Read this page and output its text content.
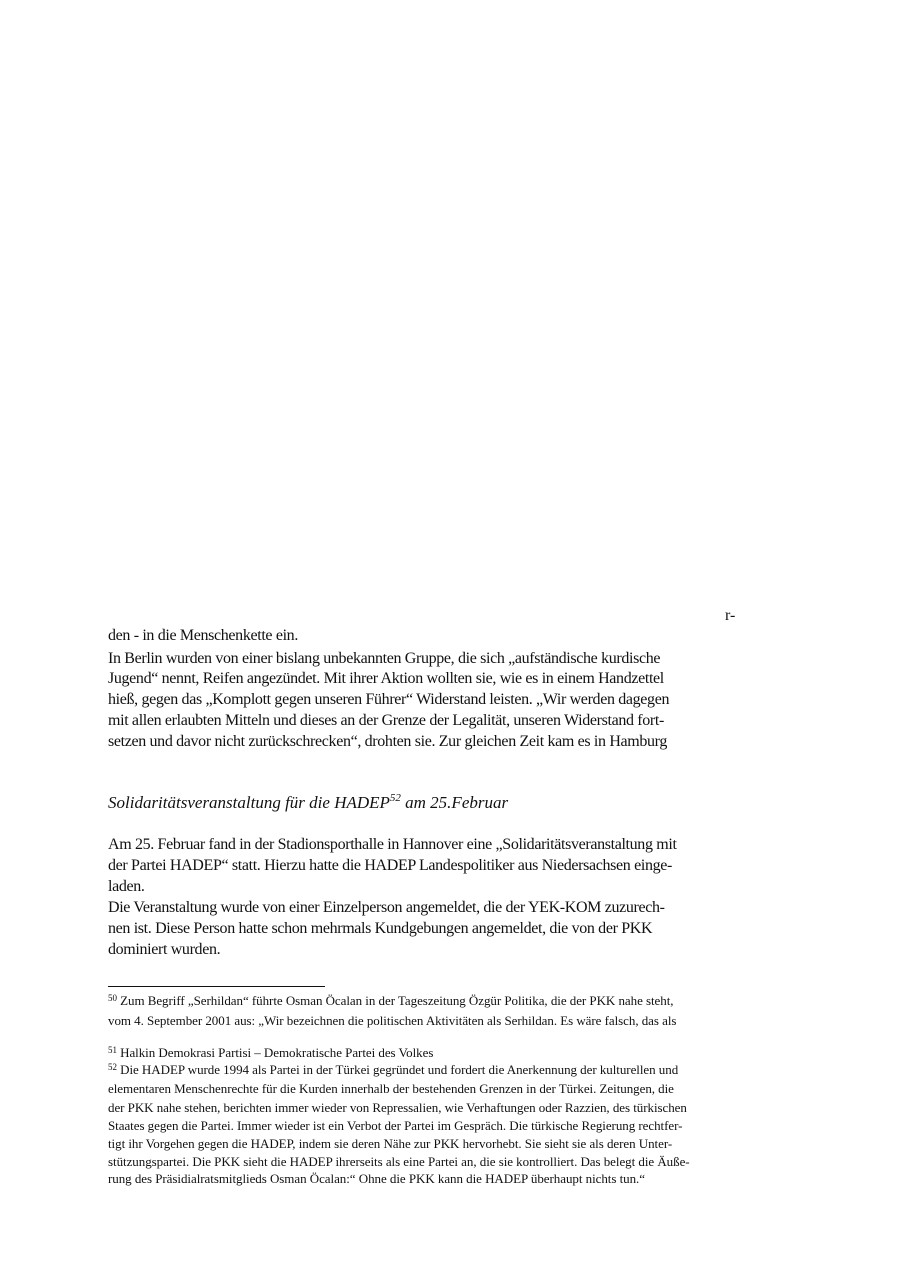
r-
den - in die Menschenkette ein.
In Berlin wurden von einer bislang unbekannten Gruppe, die sich „aufständische kurdische
Jugend“ nennt, Reifen angezündet. Mit ihrer Aktion wollten sie, wie es in einem Handzettel
hieß, gegen das „Komplott gegen unseren Führer“ Widerstand leisten. „Wir werden dagegen
mit allen erlaubten Mitteln und dieses an der Grenze der Legalität, unseren Widerstand fort-
setzen und davor nicht zurückschrecken“, drohten sie. Zur gleichen Zeit kam es in Hamburg
Solidaritätsveranstaltung für die HADEP$^{52}$ am 25.Februar
Am 25. Februar fand in der Stadionsporthalle in Hannover eine „Solidaritätsveranstaltung mit
der Partei HADEP“ statt. Hierzu hatte die HADEP Landespolitiker aus Niedersachsen einge-
laden.
Die Veranstaltung wurde von einer Einzelperson angemeldet, die der YEK-KOM zuzurech-
nen ist. Diese Person hatte schon mehrmals Kundgebungen angemeldet, die von der PKK
dominiert wurden.
$^{50}$ Zum Begriff „Serhildan“ führte Osman Öcalan in der Tageszeitung Özgür Politika, die der PKK nahe steht,
vom 4. September 2001 aus: „Wir bezeichnen die politischen Aktivitäten als Serhildan. Es wäre falsch, das als
$^{51}$ Halkin Demokrasi Partisi – Demokratische Partei des Volkes
$^{52}$ Die HADEP wurde 1994 als Partei in der Türkei gegründet und fordert die Anerkennung der kulturellen und
elementaren Menschenrechte für die Kurden innerhalb der bestehenden Grenzen in der Türkei. Zeitungen, die
der PKK nahe stehen, berichten immer wieder von Repressalien, wie Verhaftungen oder Razzien, des türkischen
Staates gegen die Partei. Immer wieder ist ein Verbot der Partei im Gespräch. Die türkische Regierung rechtfer-
tigt ihr Vorgehen gegen die HADEP, indem sie deren Nähe zur PKK hervorhebt. Sie sieht sie als deren Unter-
stützungspartei. Die PKK sieht die HADEP ihrerseits als eine Partei an, die sie kontrolliert. Das belegt die Äuße-
rung des Präsidialratsmitglieds Osman Öcalan:“ Ohne die PKK kann die HADEP überhaupt nichts tun.“
